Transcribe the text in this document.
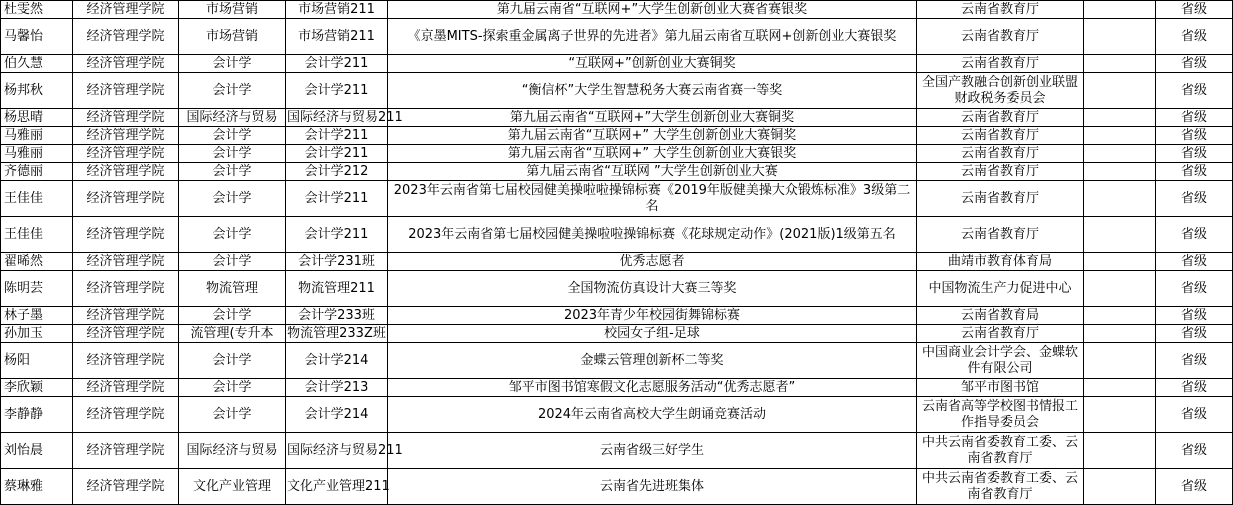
杜雯然	经济管理学院	市场营销	市场营销211	第九届云南省“互联网+”大学生创新创业大赛省赛银奖	云南省教育厅		省级
马馨怡	经济管理学院	市场营销	市场营销211	《京墨MITS-探索重金属离子世界的先进者》第九届云南省互联网+创新创业大赛银奖	云南省教育厅		省级
伯久慧	经济管理学院	会计学	会计学211	“互联网+”创新创业大赛铜奖	云南省教育厅		省级
杨邦秋	经济管理学院	会计学	会计学211	“衡信杯”大学生智慧税务大赛云南省赛一等奖	全国产教融合创新创业联盟财政税务委员会		省级
杨思晴	经济管理学院	国际经济与贸易	国际经济与贸易211	第九届云南省“互联网+”大学生创新创业大赛铜奖	云南省教育厅		省级
马雅丽	经济管理学院	会计学	会计学211	第九届云南省“互联网+” 大学生创新创业大赛铜奖	云南省教育厅		省级
马雅丽	经济管理学院	会计学	会计学211	第九届云南省“互联网+” 大学生创新创业大赛银奖	云南省教育厅		省级
齐德丽	经济管理学院	会计学	会计学212	第九届云南省“互联网 ”大学生创新创业大赛	云南省教育厅		省级
王佳佳	经济管理学院	会计学	会计学211	2023年云南省第七届校园健美操啦啦操锦标赛《2019年版健美操大众锻炼标准》3级第二名	云南省教育厅		省级
王佳佳	经济管理学院	会计学	会计学211	2023年云南省第七届校园健美操啦啦操锦标赛《花球规定动作》(2021版)1级第五名	云南省教育厅		省级
翟晞然	经济管理学院	会计学	会计学231班	优秀志愿者	曲靖市教育体育局		省级
陈明芸	经济管理学院	物流管理	物流管理211	全国物流仿真设计大赛三等奖	中国物流生产力促进中心		省级
林子墨	经济管理学院	会计学	会计学233班	2023年青少年校园街舞锦标赛	云南省教育局		省级
孙加玉	经济管理学院	流管理(专升本	物流管理233Z班	校园女子组-足球	云南省教育厅		省级
杨阳	经济管理学院	会计学	会计学214	金蝶云管理创新杯二等奖	中国商业会计学会、金蝶软件有限公司		省级
李欣颖	经济管理学院	会计学	会计学213	邹平市图书馆寒假文化志愿服务活动“优秀志愿者”	邹平市图书馆		省级
李静静	经济管理学院	会计学	会计学214	2024年云南省高校大学生朗诵竞赛活动	云南省高等学校图书情报工作指导委员会		省级
刘怡晨	经济管理学院	国际经济与贸易	国际经济与贸易211	云南省级三好学生	中共云南省委教育工委、云南省教育厅		省级
蔡琳雅	经济管理学院	文化产业管理	文化产业管理211	云南省先进班集体	中共云南省委教育工委、云南省教育厅		省级
